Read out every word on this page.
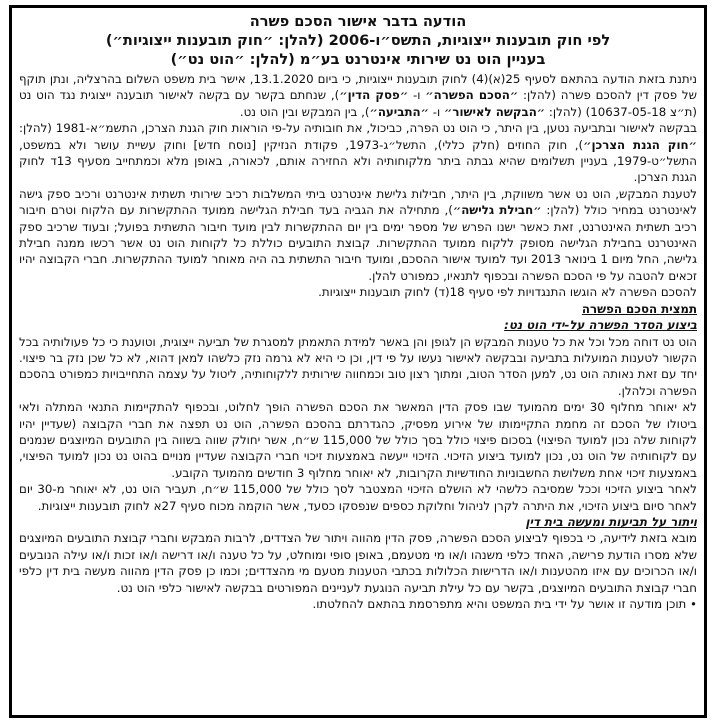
הודעה בדבר אישור הסכם פשרה
לפי חוק תובענות ייצוגיות, התשס״ו-2006 (להלן: ״חוק תובענות ייצוגיות״)
בעניין הוט נט שירותי אינטרנט בע״מ (להלן: ״הוט נט״)

ניתנת בזאת הודעה בהתאם לסעיף 25(א)(4) לחוק תובענות ייצוגיות, כי ביום 13.1.2020, אישר בית משפט השלום בהרצליה, ונתן תוקף של פסק דין להסכם פשרה (להלן: ״הסכם הפשרה״ ו- ״פסק הדין״), שנחתם בקשר עם בקשה לאישור תובענה ייצוגית נגד הוט נט (ת״צ 10637-05-18) (להלן: ״הבקשה לאישור״ ו- ״התביעה״), בין המבקש ובין הוט נט.

בבקשה לאישור ובתביעה נטען, בין היתר, כי הוט נט הפרה, כביכול, את חובותיה על-פי הוראות חוק הגנת הצרכן, התשמ״א-1981 (להלן: ״חוק הגנת הצרכן״), חוק החוזים (חלק כללי), התשל״ג-1973, פקודת הנזיקין [נוסח חדש] וחוק עשיית עושר ולא במשפט, התשל״ט-1979, בעניין תשלומים שהיא גבתה ביתר מלקוחותיה ולא החזירה אותם, לכאורה, באופן מלא וכמתחייב מסעיף 13ד לחוק הגנת הצרכן.

לטענת המבקש, הוט נט אשר משווקת, בין היתר, חבילות גלישת אינטרנט ביתי המשלבות רכיב שירותי תשתית אינטרנט ורכיב ספק גישה לאינטרנט במחיר כולל (להלן: ״חבילת גלישה״), מתחילה את הגביה בעד חבילת הגלישה ממועד ההתקשרות עם הלקוח וטרם חיבור רכיב תשתית האינטרנט, זאת כאשר ישנו הפרש של מספר ימים בין יום ההתקשרות לבין מועד חיבור התשתית בפועל; ובעוד שרכיב ספק האינטרנט בחבילת הגלישה מסופק ללקוח ממועד ההתקשרות. קבוצת התובעים כוללת כל לקוחות הוט נט אשר רכשו ממנה חבילת גלישה, החל מיום 1 בינואר 2013 ועד למועד אישור ההסכם, ומועד חיבור התשתית בה היה מאוחר למועד ההתקשרות. חברי הקבוצה יהיו זכאים להטבה על פי הסכם הפשרה ובכפוף לתנאיו, כמפורט להלן.

להסכם הפשרה לא הוגשו התנגדויות לפי סעיף 18(ד) לחוק תובענות ייצוגיות.

תמצית הסכם הפשרה

ביצוע הסדר הפשרה על-ידי הוט נט:

הוט נט דוחה מכל וכל את כל טענות המבקש הן לגופן והן באשר למידת התאמתן למסגרת של תביעה ייצוגית, וטוענת כי כל פעולותיה בכל הקשור לטענות המועלות בתביעה ובבקשה לאישור נעשו על פי דין, וכן כי היא לא גרמה נזק כלשהו למאן דהוא, לא כל שכן נזק בר פיצוי. יחד עם זאת נאותה הוט נט, למען הסדר הטוב, ומתוך רצון טוב וכמחווה שירותית ללקוחותיה, ליטול על עצמה התחייבויות כמפורט בהסכם הפשרה וכלהלן.

לא יאוחר מחלוף 30 ימים מהמועד שבו פסק הדין המאשר את הסכם הפשרה הופך לחלוט, ובכפוף להתקיימות התנאי המתלה ולאי ביטולו של הסכם זה מחמת התקיימותו של אירוע מפסיק, כהגדרתם בהסכם הפשרה, הוט נט תפצה את חברי הקבוצה (שעדיין יהיו לקוחות שלה נכון למועד הפיצוי) בסכום פיצוי כולל בסך כולל של 115,000 ש״ח, אשר יחולק שווה בשווה בין התובעים המיוצגים שנמנים עם לקוחותיה של הוט נט, נכון למועד ביצוע הזיכוי. הזיכוי ייעשה באמצעות זיכוי חברי הקבוצה שעדיין מנויים בהוט נט נכון למועד הפיצוי, באמצעות זיכוי אחת משלושת החשבוניות החודשיות הקרובות, לא יאוחר מחלוף 3 חודשים מהמועד הקובע.

לאחר ביצוע הזיכוי וככל שמסיבה כלשהי לא הושלם הזיכוי המצטבר לסך כולל של 115,000 ש״ח, תעביר הוט נט, לא יאוחר מ-30 יום לאחר סיום ביצוע הזיכוי, את היתרה לקרן לניהול וחלוקת כספים שנפסקו כסעד, אשר הוקמה מכוח סעיף 27א לחוק תובענות ייצוגיות.

ויתור על תביעות ומעשה בית דין

מובא בזאת לידיעה, כי בכפוף לביצוע הסכם הפשרה, פסק הדין מהווה ויתור של הצדדים, לרבות המבקש וחברי קבוצת התובעים המיוצגים שלא מסרו הודעת פרישה, האחד כלפי משנהו ו/או מי מטעמם, באופן סופי ומוחלט, על כל טענה ו/או דרישה ו/או זכות ו/או עילה הנובעים ו/או הכרוכים עם איזו מהטענות ו/או הדרישות הכלולות בכתבי הטענות מטעם מי מהצדדים; וכמו כן פסק הדין מהווה מעשה בית דין כלפי חברי קבוצת התובעים המיוצגים, בקשר עם כל עילת תביעה הנוגעת לעניינים המפורטים בבקשה לאישור כלפי הוט נט.

• תוכן מודעה זו אושר על ידי בית המשפט והיא מתפרסמת בהתאם להחלטתו.
